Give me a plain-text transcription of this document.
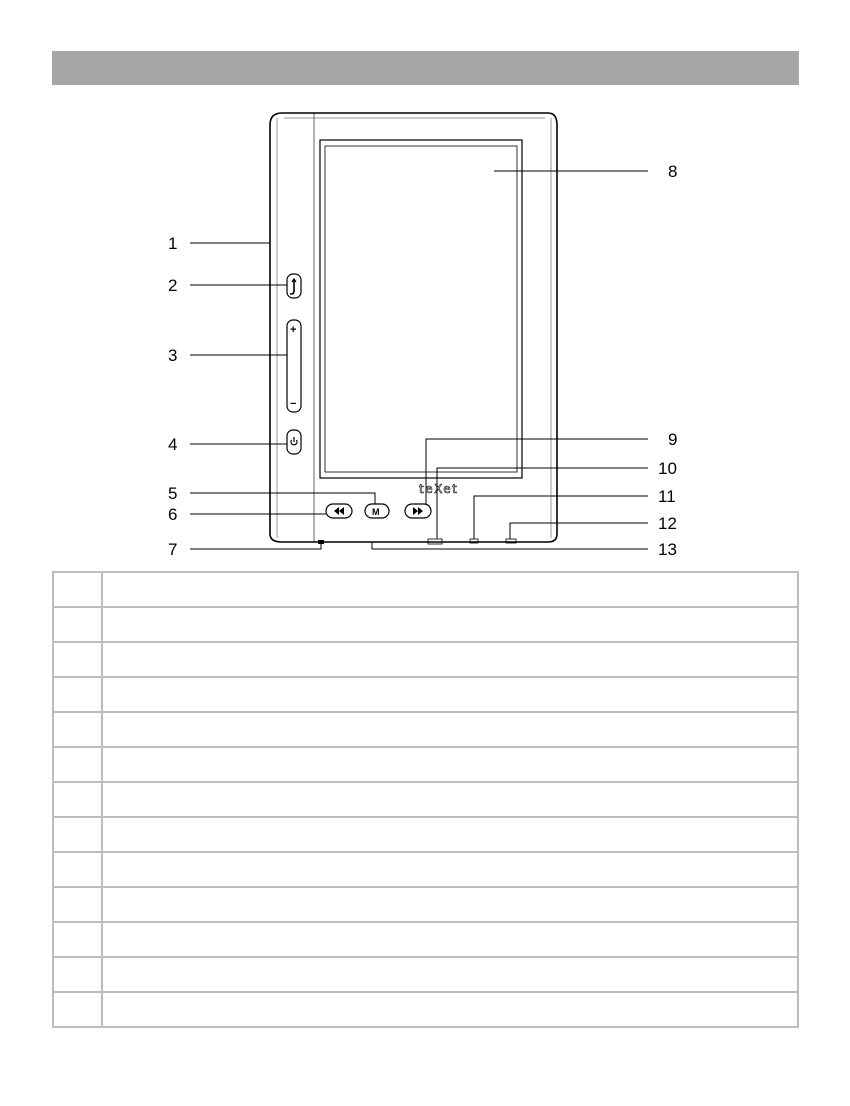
teXet
+
−
M
1
2
3
4
5
6
7
8
9
10
11
12
13
